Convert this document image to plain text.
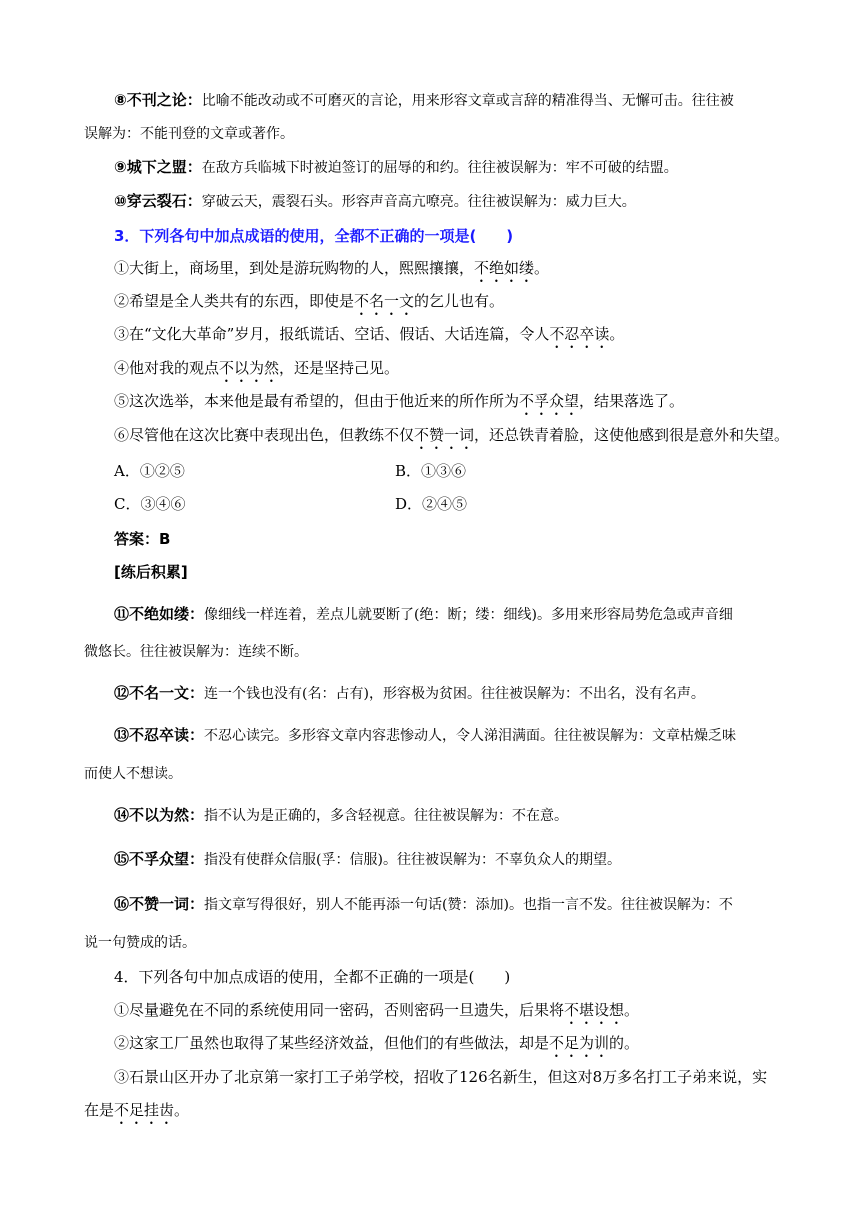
⑧不刊之论：比喻不能改动或不可磨灭的言论，用来形容文章或言辞的精准得当、无懈可击。往往被
误解为：不能刊登的文章或著作。
⑨城下之盟：在敌方兵临城下时被迫签订的屈辱的和约。往往被误解为：牢不可破的结盟。
⑩穿云裂石：穿破云天，震裂石头。形容声音高亢嘹亮。往往被误解为：威力巨大。
3．下列各句中加点成语的使用，全都不正确的一项是(　　)
①大街上，商场里，到处是游玩购物的人，熙熙攘攘，不绝如缕。
②希望是全人类共有的东西，即使是不名一文的乞儿也有。
③在“文化大革命”岁月，报纸谎话、空话、假话、大话连篇，令人不忍卒读。
④他对我的观点不以为然，还是坚持己见。
⑤这次选举，本来他是最有希望的，但由于他近来的所作所为不孚众望，结果落选了。
⑥尽管他在这次比赛中表现出色，但教练不仅不赞一词，还总铁青着脸，这使他感到很是意外和失望。
A．①②⑤	B．①③⑥
C．③④⑥	D．②④⑤
答案：B
[练后积累]
⑪不绝如缕：像细线一样连着，差点儿就要断了(绝：断；缕：细线)。多用来形容局势危急或声音细
微悠长。往往被误解为：连续不断。
⑫不名一文：连一个钱也没有(名：占有)，形容极为贫困。往往被误解为：不出名，没有名声。
⑬不忍卒读：不忍心读完。多形容文章内容悲惨动人，令人涕泪满面。往往被误解为：文章枯燥乏味
而使人不想读。
⑭不以为然：指不认为是正确的，多含轻视意。往往被误解为：不在意。
⑮不孚众望：指没有使群众信服(孚：信服)。往往被误解为：不辜负众人的期望。
⑯不赞一词：指文章写得很好，别人不能再添一句话(赞：添加)。也指一言不发。往往被误解为：不
说一句赞成的话。
4．下列各句中加点成语的使用，全都不正确的一项是(　　)
①尽量避免在不同的系统使用同一密码，否则密码一旦遗失，后果将不堪设想。
②这家工厂虽然也取得了某些经济效益，但他们的有些做法，却是不足为训的。
③石景山区开办了北京第一家打工子弟学校，招收了126名新生，但这对8万多名打工子弟来说，实
在是不足挂齿。
